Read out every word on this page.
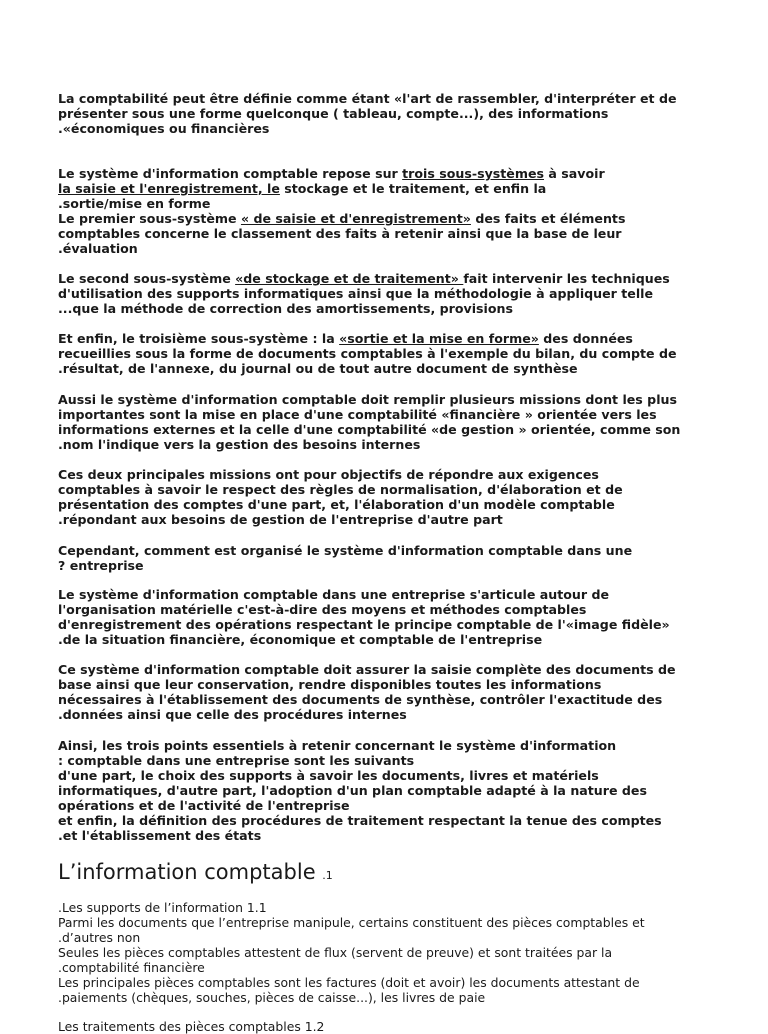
La comptabilité peut être définie comme étant «l'art de rassembler, d'interpréter et de
présenter sous une forme quelconque ( tableau, compte...), des informations
.«économiques ou financières
Le système d'information comptable repose sur trois sous-systèmes à savoir
la saisie et l'enregistrement, le stockage et le traitement, et enfin la
.sortie/mise en forme
Le premier sous-système « de saisie et d'enregistrement» des faits et éléments
comptables concerne le classement des faits à retenir ainsi que la base de leur
.évaluation
Le second sous-système «de stockage et de traitement» fait intervenir les techniques
d'utilisation des supports informatiques ainsi que la méthodologie à appliquer telle
...que la méthode de correction des amortissements, provisions
Et enfin, le troisième sous-système : la «sortie et la mise en forme» des données
recueillies sous la forme de documents comptables à l'exemple du bilan, du compte de
.résultat, de l'annexe, du journal ou de tout autre document de synthèse
Aussi le système d'information comptable doit remplir plusieurs missions dont les plus
importantes sont la mise en place d'une comptabilité «financière » orientée vers les
informations externes et la celle d'une comptabilité «de gestion » orientée, comme son
.nom l'indique vers la gestion des besoins internes
Ces deux principales missions ont pour objectifs de répondre aux exigences
comptables à savoir le respect des règles de normalisation, d'élaboration et de
présentation des comptes d'une part, et, l'élaboration d'un modèle comptable
.répondant aux besoins de gestion de l'entreprise d'autre part
Cependant, comment est organisé le système d'information comptable dans une
? entreprise
Le système d'information comptable dans une entreprise s'articule autour de
l'organisation matérielle c'est-à-dire des moyens et méthodes comptables
d'enregistrement des opérations respectant le principe comptable de l'«image fidèle»
.de la situation financière, économique et comptable de l'entreprise
Ce système d'information comptable doit assurer la saisie complète des documents de
base ainsi que leur conservation, rendre disponibles toutes les informations
nécessaires à l'établissement des documents de synthèse, contrôler l'exactitude des
.données ainsi que celle des procédures internes
Ainsi, les trois points essentiels à retenir concernant le système d'information
: comptable dans une entreprise sont les suivants
d'une part, le choix des supports à savoir les documents, livres et matériels
informatiques, d'autre part, l'adoption d'un plan comptable adapté à la nature des
opérations et de l'activité de l'entreprise
et enfin, la définition des procédures de traitement respectant la tenue des comptes
.et l'établissement des états
L’information comptable .1
.Les supports de l’information 1.1
Parmi les documents que l’entreprise manipule, certains constituent des pièces comptables et
.d’autres non
Seules les pièces comptables attestent de flux (servent de preuve) et sont traitées par la
.comptabilité financière
Les principales pièces comptables sont les factures (doit et avoir) les documents attestant de
.paiements (chèques, souches, pièces de caisse...), les livres de paie
Les traitements des pièces comptables 1.2
